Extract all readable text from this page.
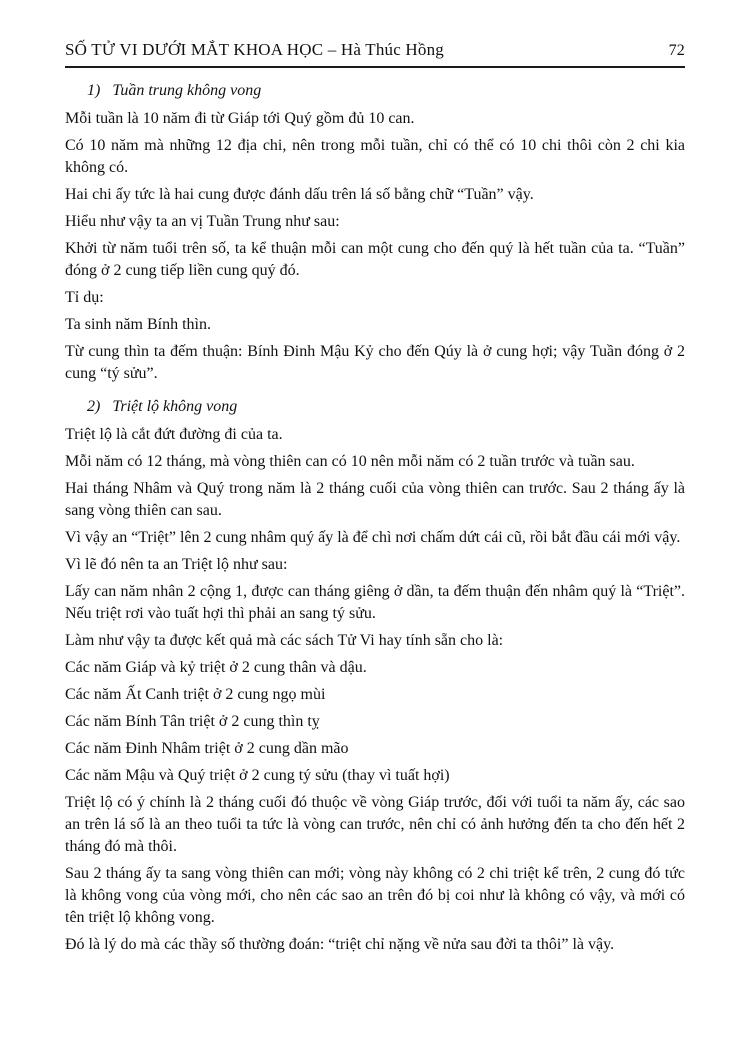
SỐ TỬ VI DƯỚI MẮT KHOA HỌC – Hà Thúc Hồng	72

1) Tuần trung không vong

Mỗi tuần là 10 năm đi từ Giáp tới Quý gồm đủ 10 can.

Có 10 năm mà những 12 địa chi, nên trong mỗi tuần, chỉ có thể có 10 chi thôi còn 2 chi kia không có.

Hai chi ấy tức là hai cung được đánh dấu trên lá số bằng chữ “Tuần” vậy.

Hiểu như vậy ta an vị Tuần Trung như sau:

Khởi từ năm tuổi trên số, ta kể thuận mỗi can một cung cho đến quý là hết tuần của ta. “Tuần” đóng ở 2 cung tiếp liền cung quý đó.

Tỉ dụ:

Ta sinh năm Bính thìn.

Từ cung thìn ta đếm thuận: Bính Đinh Mậu Kỷ cho đến Qúy là ở cung hợi; vậy Tuần đóng ở 2 cung “tý sửu”.

2) Triệt lộ không vong

Triệt lộ là cắt đứt đường đi của ta.

Mỗi năm có 12 tháng, mà vòng thiên can có 10 nên mỗi năm có 2 tuần trước và tuần sau.

Hai tháng Nhâm và Quý trong năm là 2 tháng cuối của vòng thiên can trước. Sau 2 tháng ấy là sang vòng thiên can sau.

Vì vậy an “Triệt” lên 2 cung nhâm quý ấy là để chì nơi chấm dứt cái cũ, rồi bắt đầu cái mới vậy.

Vì lẽ đó nên ta an Triệt lộ như sau:

Lấy can năm nhân 2 cộng 1, được can tháng giêng ở dần, ta đếm thuận đến nhâm quý là “Triệt”. Nếu triệt rơi vào tuất hợi thì phải an sang tý sửu.

Làm như vậy ta được kết quả mà các sách Tử Vi hay tính sẵn cho là:

Các năm Giáp và kỷ triệt ở 2 cung thân và dậu.

Các năm Ất Canh triệt ở 2 cung ngọ mùi

Các năm Bính Tân triệt ở 2 cung thìn tỵ

Các năm Đinh Nhâm triệt ở 2 cung dần mão

Các năm Mậu và Quý triệt ở 2 cung tý sửu (thay vì tuất hợi)

Triệt lộ có ý chính là 2 tháng cuối đó thuộc về vòng Giáp trước, đối với tuổi ta năm ấy, các sao an trên lá số là an theo tuổi ta tức là vòng can trước, nên chỉ có ảnh hưởng đến ta cho đến hết 2 tháng đó mà thôi.

Sau 2 tháng ấy ta sang vòng thiên can mới; vòng này không có 2 chi triệt kể trên, 2 cung đó tức là không vong của vòng mới, cho nên các sao an trên đó bị coi như là không có vậy, và mới có tên triệt lộ không vong.

Đó là lý do mà các thầy số thường đoán: “triệt chỉ nặng về nửa sau đời ta thôi” là vậy.
